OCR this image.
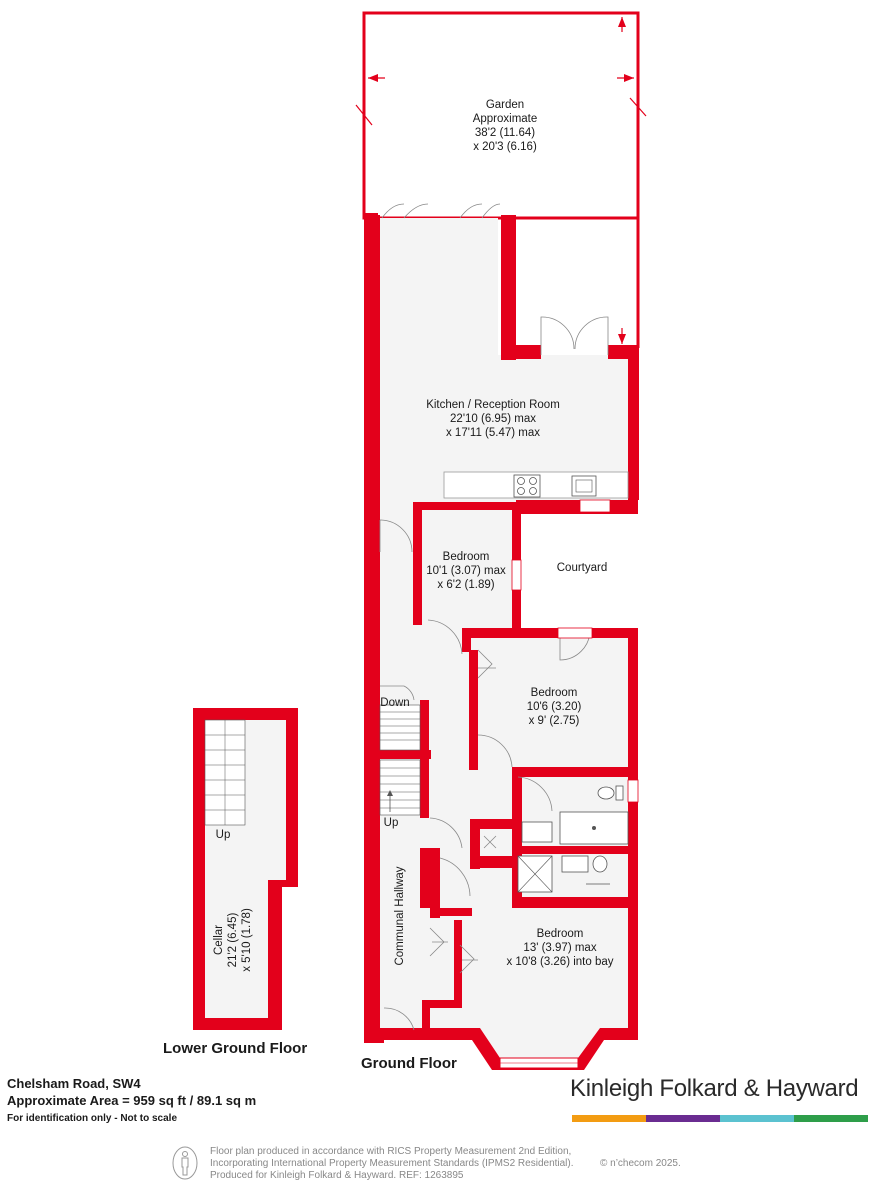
Garden
Approximate
38'2 (11.64)
x 20'3 (6.16)
Kitchen / Reception Room
22'10 (6.95) max
x 17'11 (5.47) max
Bedroom
10'1 (3.07) max
x 6'2 (1.89)
Courtyard
Bedroom
10'6 (3.20)
x 9' (2.75)
Bedroom
13' (3.97) max
x 10'8 (3.26) into bay
Communal Hallway
Cellar 21'2 (6.45) x 5'10 (1.78)
Down
Up
Up
Lower Ground Floor
Ground Floor
Chelsham Road, SW4
Approximate Area = 959 sq ft / 89.1 sq m
For identification only - Not to scale
Kinleigh Folkard & Hayward
Floor plan produced in accordance with RICS Property Measurement 2nd Edition,
Incorporating International Property Measurement Standards (IPMS2 Residential).
Produced for Kinleigh Folkard & Hayward. REF: 1263895
© n’checom 2025.
